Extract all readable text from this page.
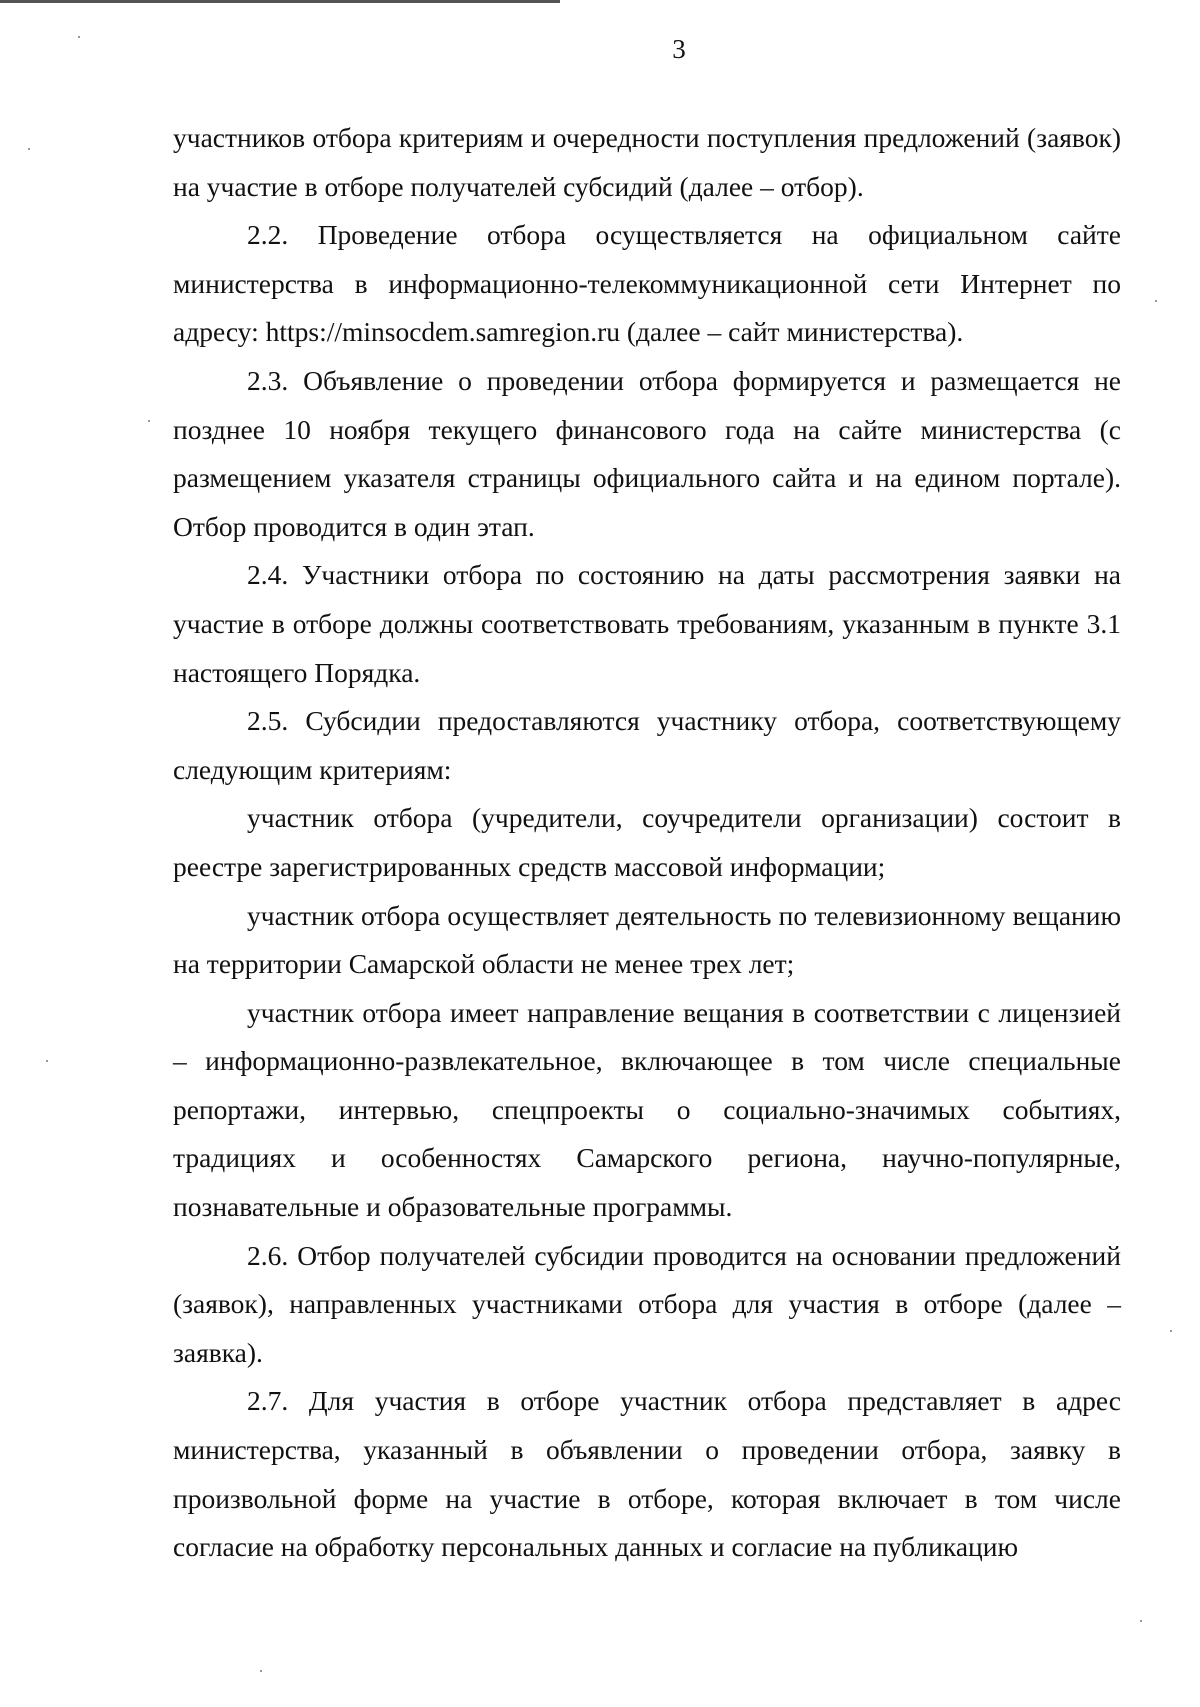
3

участников отбора критериям и очередности поступления предложений (заявок) на участие в отборе получателей субсидий (далее – отбор).

2.2. Проведение отбора осуществляется на официальном сайте министерства в информационно-телекоммуникационной сети Интернет по адресу: https://minsocdem.samregion.ru (далее – сайт министерства).

2.3. Объявление о проведении отбора формируется и размещается не позднее 10 ноября текущего финансового года на сайте министерства (с размещением указателя страницы официального сайта и на едином портале). Отбор проводится в один этап.

2.4. Участники отбора по состоянию на даты рассмотрения заявки на участие в отборе должны соответствовать требованиям, указанным в пункте 3.1 настоящего Порядка.

2.5. Субсидии предоставляются участнику отбора, соответствующему следующим критериям:

участник отбора (учредители, соучредители организации) состоит в реестре зарегистрированных средств массовой информации;

участник отбора осуществляет деятельность по телевизионному вещанию на территории Самарской области не менее трех лет;

участник отбора имеет направление вещания в соответствии с лицензией – информационно-развлекательное, включающее в том числе специальные репортажи, интервью, спецпроекты о социально-значимых событиях, традициях и особенностях Самарского региона, научно-популярные, познавательные и образовательные программы.

2.6. Отбор получателей субсидии проводится на основании предложений (заявок), направленных участниками отбора для участия в отборе (далее – заявка).

2.7. Для участия в отборе участник отбора представляет в адрес министерства, указанный в объявлении о проведении отбора, заявку в произвольной форме на участие в отборе, которая включает в том числе согласие на обработку персональных данных и согласие на публикацию
